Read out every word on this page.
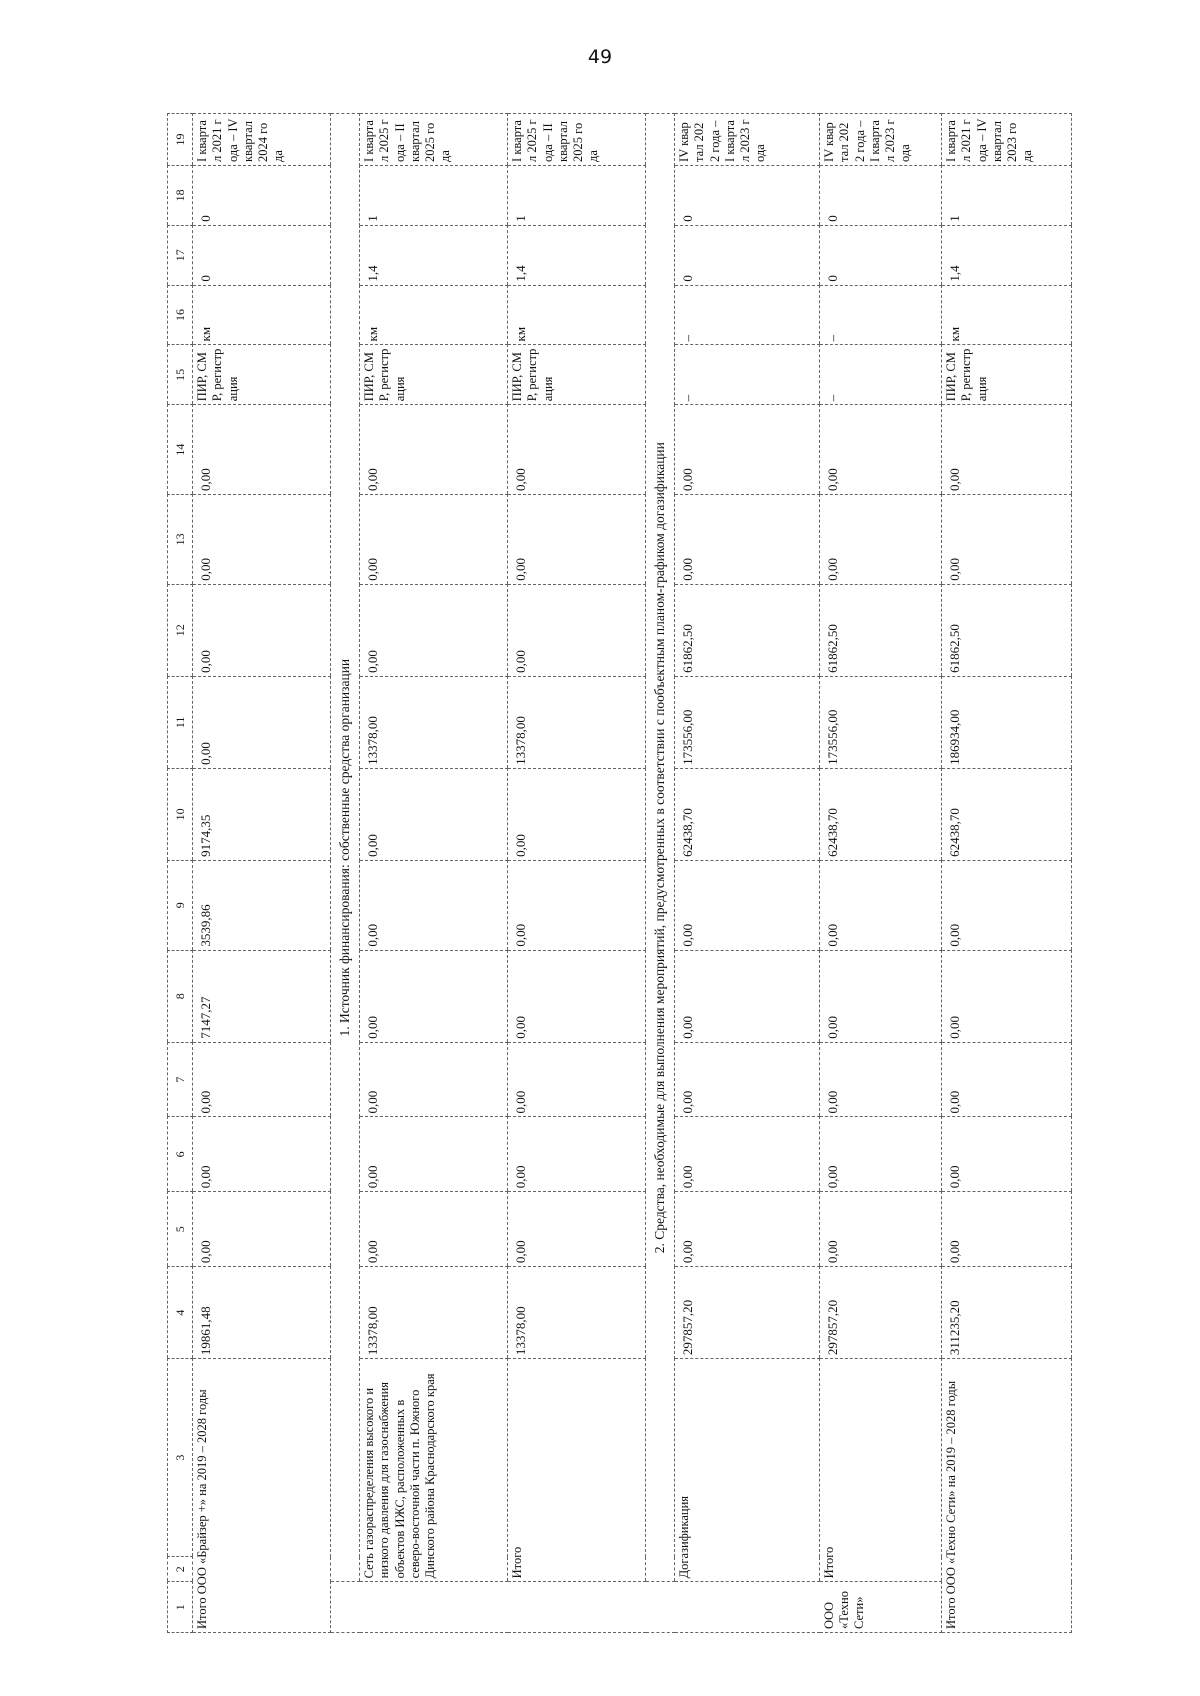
49
1	2	3	4	5	6	7	8	9	10	11	12	13	14	15	16	17	18	19
Итого ООО «Брайзер +» на 2019 – 2028 годы			19861,48	0,00	0,00	0,00	7147,27	3539,86	9174,35	0,00	0,00	0,00	0,00	ПИР, СМР, регистрация	км	0	0	I квартал 2021 года – IV квартал 2024 года
	1. Источник финансирования: собственные средства организации																	
	Сеть газораспределения высокого и низкого давления для газоснабжения объектов ИЖС, расположенных в северо-восточной части п. Южного Динского района Краснодарского края		13378,00	0,00	0,00	0,00	0,00	0,00	0,00	13378,00	0,00	0,00	0,00	ПИР, СМР, регистрация	км	1,4	1	I квартал 2025 года – II квартал 2025 года
	Итого		13378,00	0,00	0,00	0,00	0,00	0,00	0,00	13378,00	0,00	0,00	0,00	ПИР, СМР, регистрация	км	1,4	1	I квартал 2025 года – II квартал 2025 года
	2. Средства, необходимые для выполнения мероприятий, предусмотренных в соответствии с пообъектным планом-графиком догазификации																	
	Догазификация		297857,20	0,00	0,00	0,00	0,00	0,00	62438,70	173556,00	61862,50	0,00	0,00	–	–	0	0	IV квартал 2022 года – I квартал 2023 года
ООО «Техно Сети»	Итого		297857,20	0,00	0,00	0,00	0,00	0,00	62438,70	173556,00	61862,50	0,00	0,00	–	–	0	0	IV квартал 2022 года – I квартал 2023 года
Итого ООО «Техно Сети» на 2019 – 2028 годы			311235,20	0,00	0,00	0,00	0,00	0,00	62438,70	186934,00	61862,50	0,00	0,00	ПИР, СМР, регистрация	км	1,4	1	I квартал 2021 года – IV квартал 2023 года
